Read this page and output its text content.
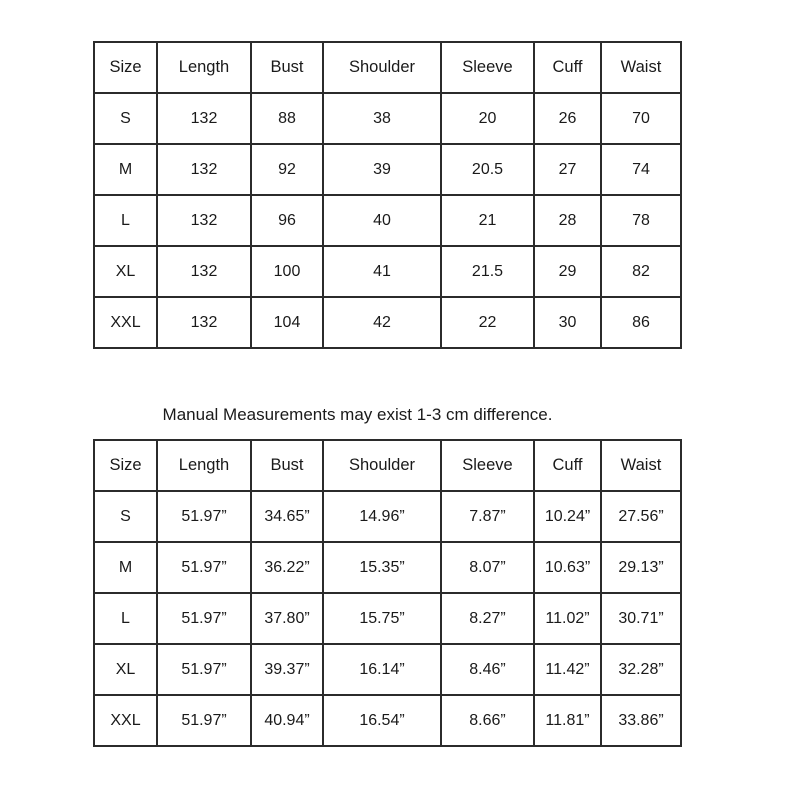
Size	Length	Bust	Shoulder	Sleeve	Cuff	Waist
S	132	88	38	20	26	70
M	132	92	39	20.5	27	74
L	132	96	40	21	28	78
XL	132	100	41	21.5	29	82
XXL	132	104	42	22	30	86
Manual Measurements may exist 1-3 cm difference.
Size	Length	Bust	Shoulder	Sleeve	Cuff	Waist
S	51.97”	34.65”	14.96”	7.87”	10.24”	27.56”
M	51.97”	36.22”	15.35”	8.07”	10.63”	29.13”
L	51.97”	37.80”	15.75”	8.27”	11.02”	30.71”
XL	51.97”	39.37”	16.14”	8.46”	11.42”	32.28”
XXL	51.97”	40.94”	16.54”	8.66”	11.81”	33.86”
